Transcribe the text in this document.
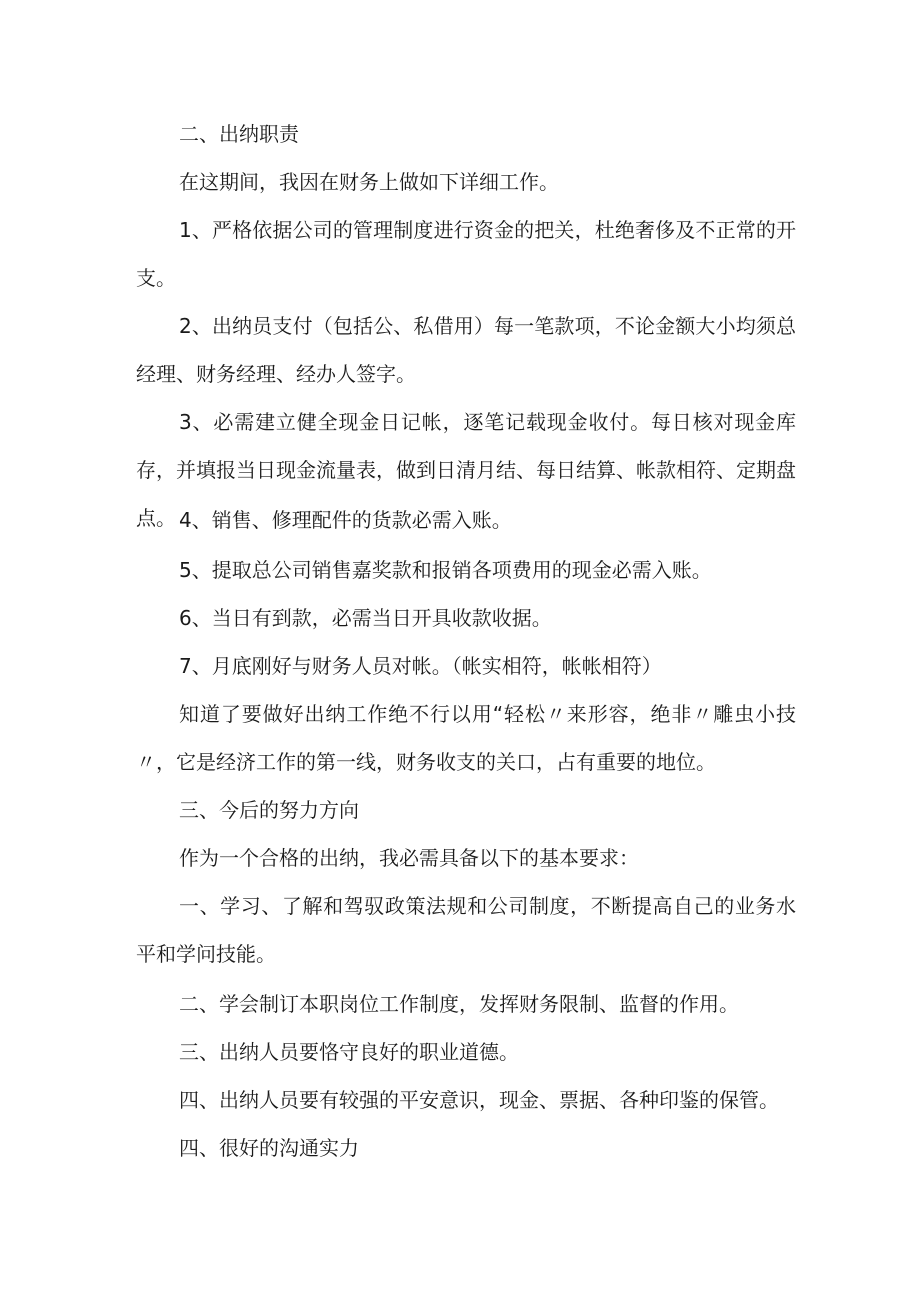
二、出纳职责
在这期间，我因在财务上做如下详细工作。
1、严格依据公司的管理制度进行资金的把关，杜绝奢侈及不正常的开支。
2、出纳员支付（包括公、私借用）每一笔款项，不论金额大小均须总经理、财务经理、经办人签字。
3、必需建立健全现金日记帐，逐笔记载现金收付。每日核对现金库存，并填报当日现金流量表，做到日清月结、每日结算、帐款相符、定期盘点。 4、销售、修理配件的货款必需入账。
5、提取总公司销售嘉奖款和报销各项费用的现金必需入账。
6、当日有到款，必需当日开具收款收据。
7、月底刚好与财务人员对帐。（帐实相符，帐帐相符）
知道了要做好出纳工作绝不行以用“轻松〃来形容，绝非〃雕虫小技〃，它是经济工作的第一线，财务收支的关口，占有重要的地位。
三、今后的努力方向
作为一个合格的出纳，我必需具备以下的基本要求：
一、学习、了解和驾驭政策法规和公司制度，不断提高自己的业务水平和学问技能。
二、学会制订本职岗位工作制度，发挥财务限制、监督的作用。
三、出纳人员要恪守良好的职业道德。
四、出纳人员要有较强的平安意识，现金、票据、各种印鉴的保管。
四、很好的沟通实力
